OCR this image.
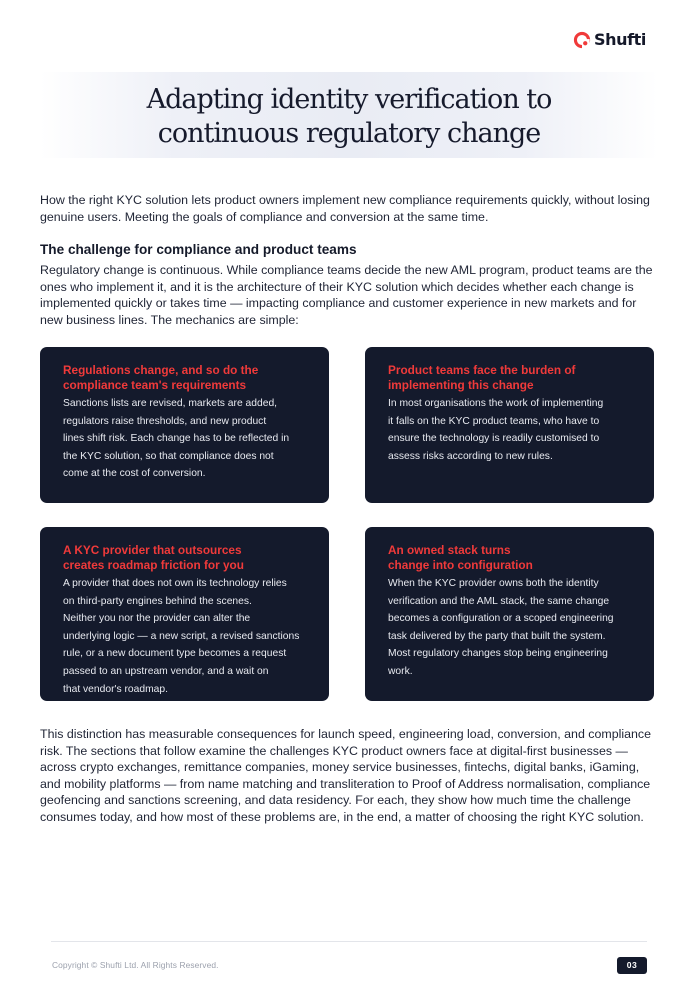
Shufti
Adapting identity verification to
continuous regulatory change

How the right KYC solution lets product owners implement new compliance requirements quickly, without losing genuine users. Meeting the goals of compliance and conversion at the same time.

The challenge for compliance and product teams

Regulatory change is continuous. While compliance teams decide the new AML program, product teams are the ones who implement it, and it is the architecture of their KYC solution which decides whether each change is implemented quickly or takes time — impacting compliance and customer experience in new markets and for new business lines. The mechanics are simple:

Regulations change, and so do the
compliance team's requirements

Sanctions lists are revised, markets are added,
regulators raise thresholds, and new product
lines shift risk. Each change has to be reflected in
the KYC solution, so that compliance does not
come at the cost of conversion.

Product teams face the burden of
implementing this change

In most organisations the work of implementing
it falls on the KYC product teams, who have to
ensure the technology is readily customised to
assess risks according to new rules.

A KYC provider that outsources
creates roadmap friction for you

A provider that does not own its technology relies
on third-party engines behind the scenes.
Neither you nor the provider can alter the
underlying logic — a new script, a revised sanctions
rule, or a new document type becomes a request
passed to an upstream vendor, and a wait on
that vendor's roadmap.

An owned stack turns
change into configuration

When the KYC provider owns both the identity
verification and the AML stack, the same change
becomes a configuration or a scoped engineering
task delivered by the party that built the system.
Most regulatory changes stop being engineering
work.

This distinction has measurable consequences for launch speed, engineering load, conversion, and compliance risk. The sections that follow examine the challenges KYC product owners face at digital-first businesses — across crypto exchanges, remittance companies, money service businesses, fintechs, digital banks, iGaming, and mobility platforms — from name matching and transliteration to Proof of Address normalisation, compliance geofencing and sanctions screening, and data residency. For each, they show how much time the challenge consumes today, and how most of these problems are, in the end, a matter of choosing the right KYC solution.

Copyright © Shufti Ltd. All Rights Reserved.	03
